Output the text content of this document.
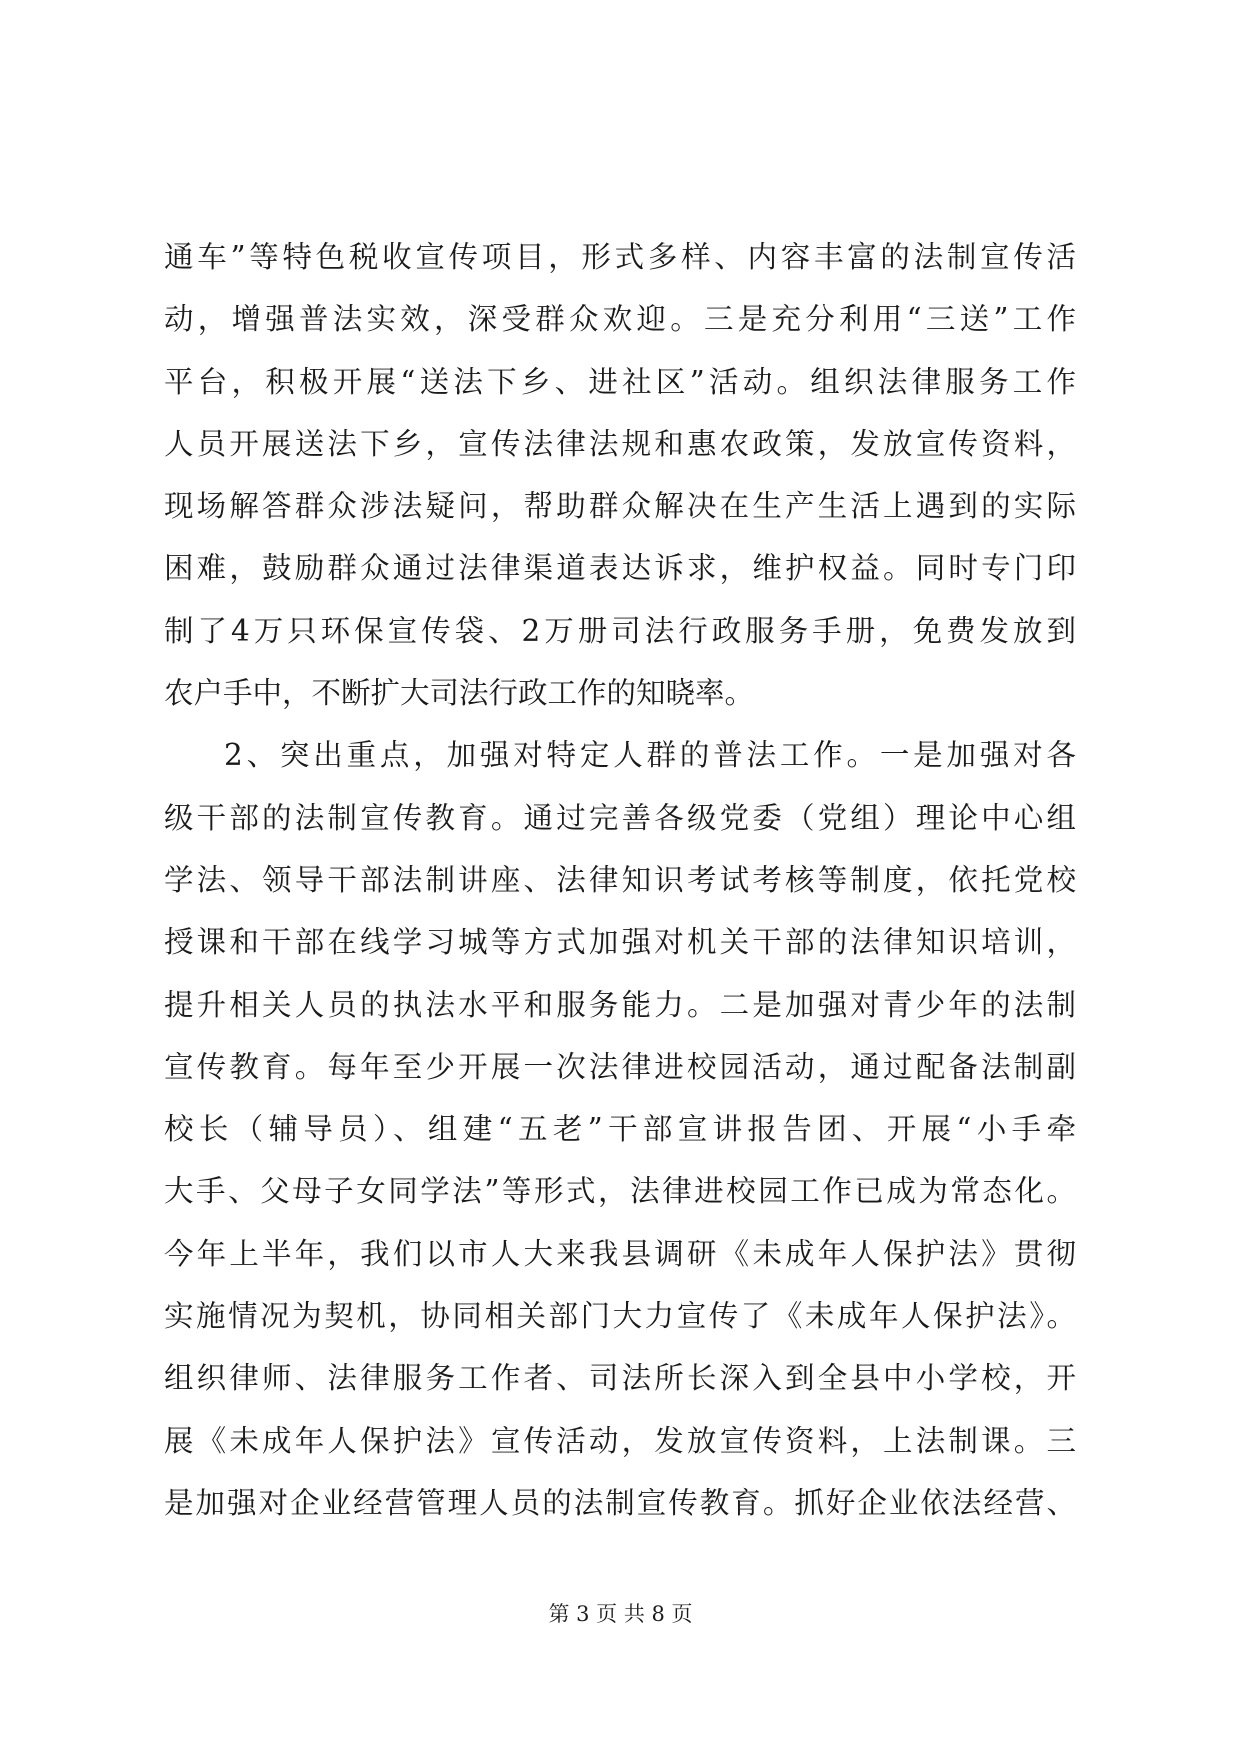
通车”等特色税收宣传项目，形式多样、内容丰富的法制宣传活
动，增强普法实效，深受群众欢迎。三是充分利用“三送”工作
平台，积极开展“送法下乡、进社区”活动。组织法律服务工作
人员开展送法下乡，宣传法律法规和惠农政策，发放宣传资料，
现场解答群众涉法疑问，帮助群众解决在生产生活上遇到的实际
困难，鼓励群众通过法律渠道表达诉求，维护权益。同时专门印
制了4万只环保宣传袋、2万册司法行政服务手册，免费发放到
农户手中，不断扩大司法行政工作的知晓率。
2、突出重点，加强对特定人群的普法工作。一是加强对各
级干部的法制宣传教育。通过完善各级党委（党组）理论中心组
学法、领导干部法制讲座、法律知识考试考核等制度，依托党校
授课和干部在线学习城等方式加强对机关干部的法律知识培训，
提升相关人员的执法水平和服务能力。二是加强对青少年的法制
宣传教育。每年至少开展一次法律进校园活动，通过配备法制副
校长（辅导员）、组建“五老”干部宣讲报告团、开展“小手牵
大手、父母子女同学法”等形式，法律进校园工作已成为常态化。
今年上半年，我们以市人大来我县调研《未成年人保护法》贯彻
实施情况为契机，协同相关部门大力宣传了《未成年人保护法》。
组织律师、法律服务工作者、司法所长深入到全县中小学校，开
展《未成年人保护法》宣传活动，发放宣传资料，上法制课。三
是加强对企业经营管理人员的法制宣传教育。抓好企业依法经营、
第 3 页 共 8 页
